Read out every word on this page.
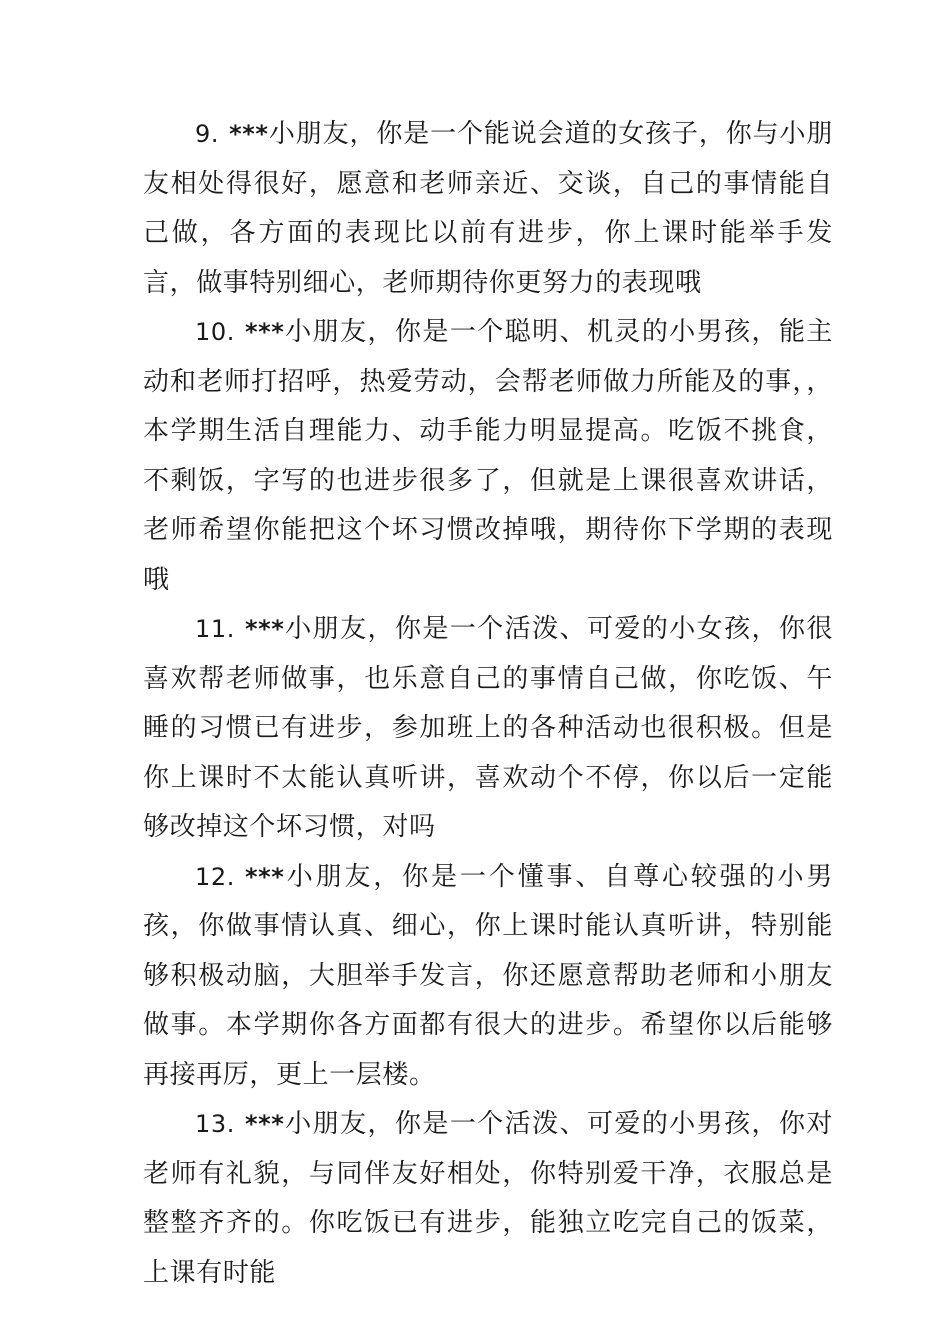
9. ***小朋友，你是一个能说会道的女孩子，你与小朋友相处得很好，愿意和老师亲近、交谈，自己的事情能自己做，各方面的表现比以前有进步，你上课时能举手发言，做事特别细心，老师期待你更努力的表现哦

10. ***小朋友，你是一个聪明、机灵的小男孩，能主动和老师打招呼，热爱劳动，会帮老师做力所能及的事，，本学期生活自理能力、动手能力明显提高。吃饭不挑食，不剩饭，字写的也进步很多了，但就是上课很喜欢讲话，老师希望你能把这个坏习惯改掉哦，期待你下学期的表现哦

11. ***小朋友，你是一个活泼、可爱的小女孩，你很喜欢帮老师做事，也乐意自己的事情自己做，你吃饭、午睡的习惯已有进步，参加班上的各种活动也很积极。但是你上课时不太能认真听讲，喜欢动个不停，你以后一定能够改掉这个坏习惯，对吗

12. ***小朋友，你是一个懂事、自尊心较强的小男孩，你做事情认真、细心，你上课时能认真听讲，特别能够积极动脑，大胆举手发言，你还愿意帮助老师和小朋友做事。本学期你各方面都有很大的进步。希望你以后能够再接再厉，更上一层楼。

13. ***小朋友，你是一个活泼、可爱的小男孩，你对老师有礼貌，与同伴友好相处，你特别爱干净，衣服总是整整齐齐的。你吃饭已有进步，能独立吃完自己的饭菜，上课有时能
